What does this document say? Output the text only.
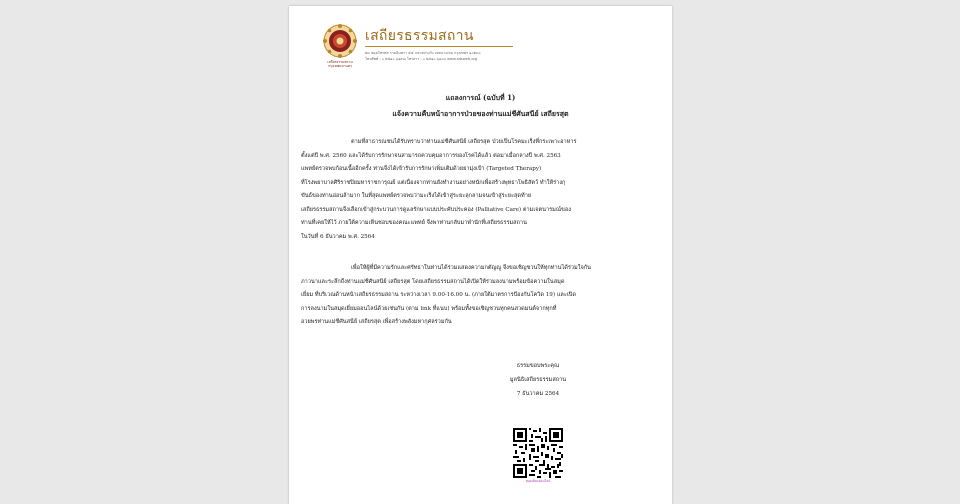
เสถียรธรรมสถาน กรุงเทพมหานคร
เสถียรธรรมสถาน
๒๓ ซอยวัชรพล รามอินทรา ๕๕ แขวงท่าแร้ง เขตบางเขน กรุงเทพฯ ๑๐๒๓๐
โทรศัพท์ : ๐ ๒๕๑๐ ๖๑๙๗ โทรสาร : ๐ ๒๕๑๐ ๖๑๐๓ www.sdsweb.org
แถลงการณ์ (ฉบับที่ 1)
แจ้งความคืบหน้าอาการป่วยของท่านแม่ชีศันสนีย์ เสถียรสุต
ตามที่สาธารณชนได้รับทราบว่าท่านแม่ชีศันสนีย์ เสถียรสุต ป่วยเป็นโรคมะเร็งที่กระเพาะอาหาร
ตั้งแต่ปี พ.ศ. 2560 และได้รับการรักษาจนสามารถควบคุมอาการของโรคได้แล้ว ต่อมาเมื่อกลางปี พ.ศ. 2563
แพทย์ตรวจพบก้อนเนื้ออีกครั้ง ท่านจึงได้เข้ารับการรักษาเพิ่มเติมด้วยยามุ่งเป้า (Targeted Therapy)
ที่โรงพยาบาลศิริราชปิยมหาราชการุณย์ แต่เนื่องจากท่านยังทำงานอย่างหนักเพื่อสร้างพุทธาโพธิสัตว์ ทำให้ร่างกุ
ขันธ์ของท่านอ่อนล้ามาก ในที่สุดแพทย์ตรวจพบว่ามะเร็งได้เข้าสู่ระยะลุกลามจนเข้าสู่ระยะสุดท้าย
เสถียรธรรมสถานจึงเลือกเข้าสู่กระบวนการดูแลรักษาแบบประคับประคอง (Palliative Care) ตามเจตนารมณ์ของ
ท่านที่เคยให้ไว้ ภายใต้ความเห็นชอบของคณะแพทย์ จึงพาท่านกลับมาพำนักที่เสถียรธรรมสถาน
ในวันที่ 6 ธันวาคม พ.ศ. 2564
เพื่อให้ผู้ที่มีความรักและศรัทธาในท่านได้ร่วมแสดงความกตัญญู จึงขอเชิญชวนให้ทุกท่านได้ร่วมใจกัน
ภาวนาและระลึกถึงท่านแม่ชีศันสนีย์ เสถียรสุต โดยเสถียรธรรมสถานได้เปิดให้ร่วมลงนามพร้อมข้อความในสมุด
เยี่ยม ที่บริเวณด้านหน้าเสถียรธรรมสถาน ระหว่างเวลา 9.00-16.00 น. (ภายใต้มาตรการป้องกันโควิด 19) และเปิด
การลงนามในสมุดเยี่ยมออนไลน์ด้วยเช่นกัน (ตาม link ที่แนบ) พร้อมทั้งขอเชิญชวนทุกคนสวดมนต์จากทุกที่
อวยพรท่านแม่ชีศันสนีย์ เสถียรสุต เพื่อสร้างพลังมหากุศลร่วมกัน
ธรรมขอบพระคุณ
มูลนิธิเสถียรธรรมสถาน
7 ธันวาคม 2564
สมุดเยี่ยมออนไลน์
